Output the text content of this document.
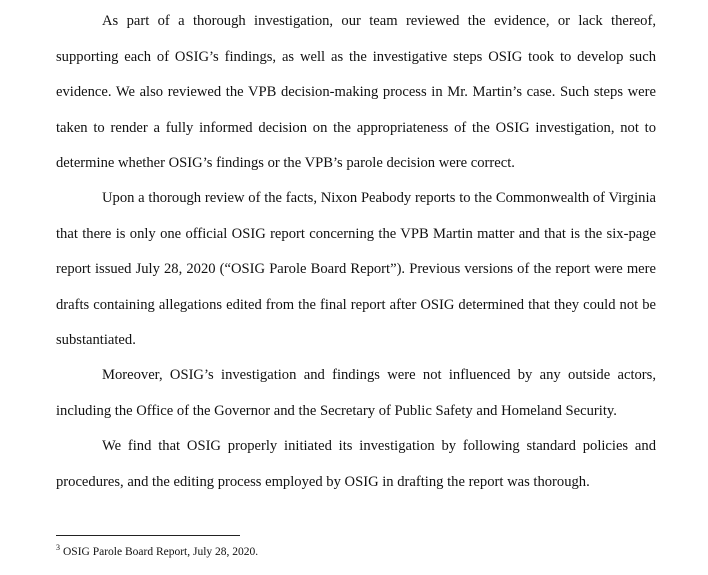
As part of a thorough investigation, our team reviewed the evidence, or lack thereof, supporting each of OSIG’s findings, as well as the investigative steps OSIG took to develop such evidence. We also reviewed the VPB decision-making process in Mr. Martin’s case. Such steps were taken to render a fully informed decision on the appropriateness of the OSIG investigation, not to determine whether OSIG’s findings or the VPB’s parole decision were correct.

Upon a thorough review of the facts, Nixon Peabody reports to the Commonwealth of Virginia that there is only one official OSIG report concerning the VPB Martin matter and that is the six-page report issued July 28, 2020 (“OSIG Parole Board Report”). Previous versions of the report were mere drafts containing allegations edited from the final report after OSIG determined that they could not be substantiated.

Moreover, OSIG’s investigation and findings were not influenced by any outside actors, including the Office of the Governor and the Secretary of Public Safety and Homeland Security.

We find that OSIG properly initiated its investigation by following standard policies and procedures, and the editing process employed by OSIG in drafting the report was thorough.

$^3$ OSIG Parole Board Report, July 28, 2020.
